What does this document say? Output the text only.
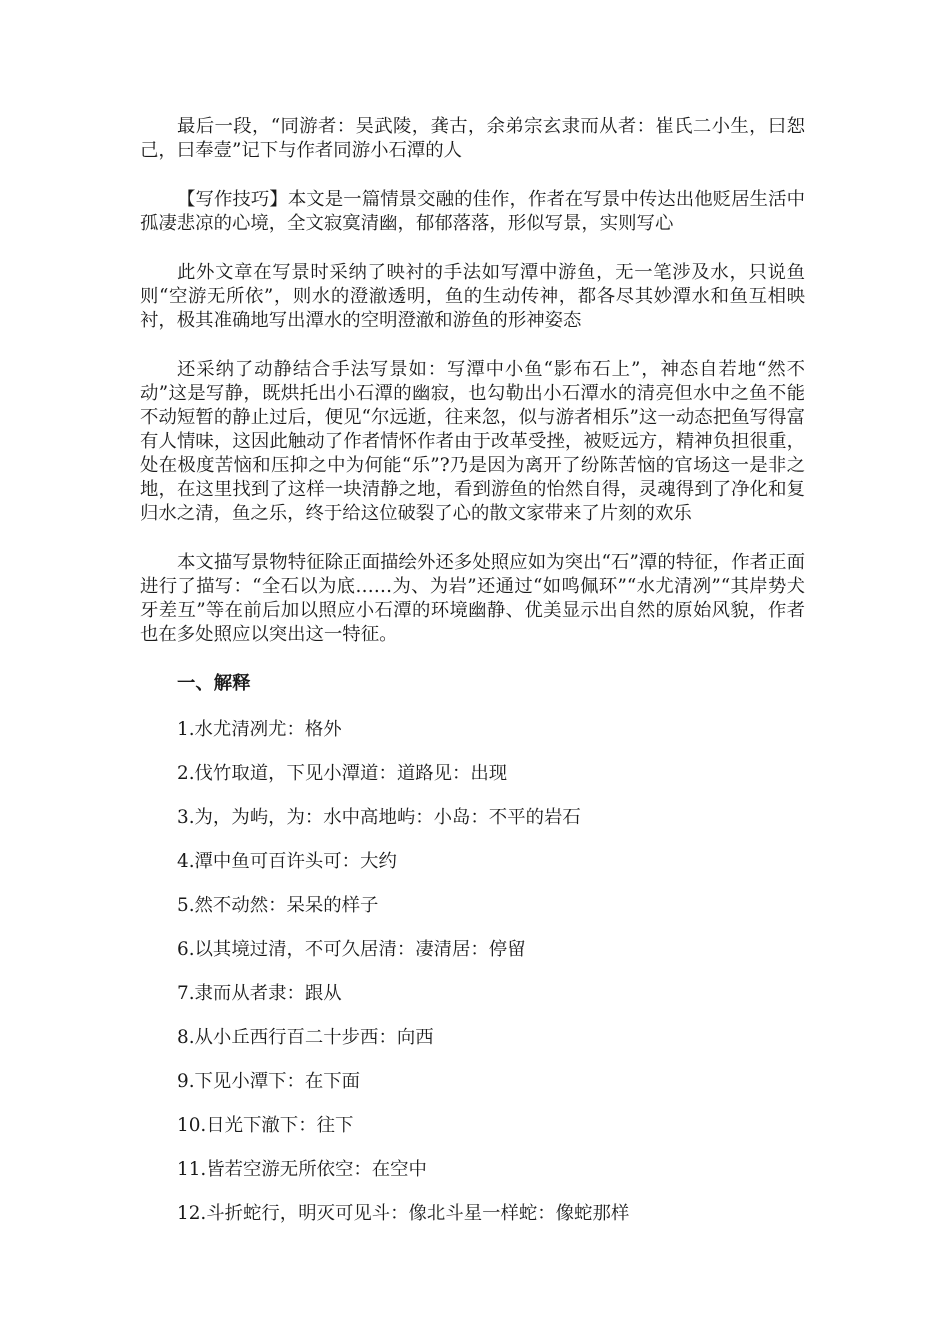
最后一段，“同游者：吴武陵，龚古，余弟宗玄隶而从者：崔氏二小生，曰恕己，曰奉壹”记下与作者同游小石潭的人

【写作技巧】本文是一篇情景交融的佳作，作者在写景中传达出他贬居生活中孤凄悲凉的心境，全文寂寞清幽，郁郁落落，形似写景，实则写心

此外文章在写景时采纳了映衬的手法如写潭中游鱼，无一笔涉及水，只说鱼则“空游无所依”，则水的澄澈透明，鱼的生动传神，都各尽其妙潭水和鱼互相映衬，极其准确地写出潭水的空明澄澈和游鱼的形神姿态

还采纳了动静结合手法写景如：写潭中小鱼“影布石上”，神态自若地“然不动”这是写静，既烘托出小石潭的幽寂，也勾勒出小石潭水的清亮但水中之鱼不能不动短暂的静止过后，便见“尔远逝，往来忽，似与游者相乐”这一动态把鱼写得富有人情味，这因此触动了作者情怀作者由于改革受挫，被贬远方，精神负担很重，处在极度苦恼和压抑之中为何能“乐”?乃是因为离开了纷陈苦恼的官场这一是非之地，在这里找到了这样一块清静之地，看到游鱼的怡然自得，灵魂得到了净化和复归水之清，鱼之乐，终于给这位破裂了心的散文家带来了片刻的欢乐

本文描写景物特征除正面描绘外还多处照应如为突出“石”潭的特征，作者正面进行了描写：“全石以为底……为、为岩”还通过“如鸣佩环”“水尤清冽”“其岸势犬牙差互”等在前后加以照应小石潭的环境幽静、优美显示出自然的原始风貌，作者也在多处照应以突出这一特征。

一、解释

1.水尤清冽尤：格外

2.伐竹取道，下见小潭道：道路见：出现

3.为，为屿，为：水中高地屿：小岛：不平的岩石

4.潭中鱼可百许头可：大约

5.然不动然：呆呆的样子

6.以其境过清，不可久居清：凄清居：停留

7.隶而从者隶：跟从

8.从小丘西行百二十步西：向西

9.下见小潭下：在下面

10.日光下澈下：往下

11.皆若空游无所依空：在空中

12.斗折蛇行，明灭可见斗：像北斗星一样蛇：像蛇那样
